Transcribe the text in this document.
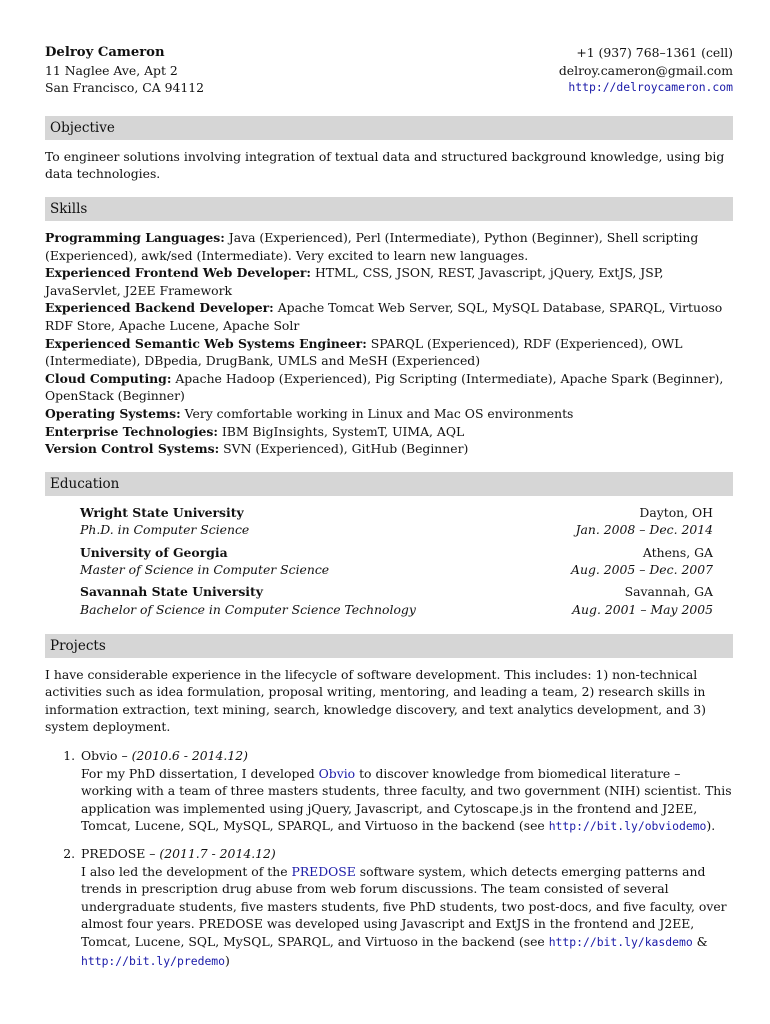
Delroy Cameron
11 Naglee Ave, Apt 2
San Francisco, CA 94112
+1 (937) 768–1361 (cell)
delroy.cameron@gmail.com
http://delroycameron.com
Objective

To engineer solutions involving integration of textual data and structured background knowledge, using big data technologies.

Skills

Programming Languages: Java (Experienced), Perl (Intermediate), Python (Beginner), Shell scripting (Experienced), awk/sed (Intermediate). Very excited to learn new languages.

Experienced Frontend Web Developer: HTML, CSS, JSON, REST, Javascript, jQuery, ExtJS, JSP, JavaServlet, J2EE Framework

Experienced Backend Developer: Apache Tomcat Web Server, SQL, MySQL Database, SPARQL, Virtuoso RDF Store, Apache Lucene, Apache Solr

Experienced Semantic Web Systems Engineer: SPARQL (Experienced), RDF (Experienced), OWL (Intermediate), DBpedia, DrugBank, UMLS and MeSH (Experienced)

Cloud Computing: Apache Hadoop (Experienced), Pig Scripting (Intermediate), Apache Spark (Beginner), OpenStack (Beginner)

Operating Systems: Very comfortable working in Linux and Mac OS environments

Enterprise Technologies: IBM BigInsights, SystemT, UIMA, AQL

Version Control Systems: SVN (Experienced), GitHub (Beginner)

Education
Wright State University	Dayton, OH
Ph.D. in Computer Science	Jan. 2008 – Dec. 2014
University of Georgia	Athens, GA
Master of Science in Computer Science	Aug. 2005 – Dec. 2007
Savannah State University	Savannah, GA
Bachelor of Science in Computer Science Technology	Aug. 2001 – May 2005
Projects

I have considerable experience in the lifecycle of software development. This includes: 1) non-technical activities such as idea formulation, proposal writing, mentoring, and leading a team, 2) research skills in information extraction, text mining, search, knowledge discovery, and text analytics development, and 3) system deployment.

1. Obvio – (2010.6 - 2014.12)
For my PhD dissertation, I developed Obvio to discover knowledge from biomedical literature – working with a team of three masters students, three faculty, and two government (NIH) scientist. This application was implemented using jQuery, Javascript, and Cytoscape.js in the frontend and J2EE, Tomcat, Lucene, SQL, MySQL, SPARQL, and Virtuoso in the backend (see http://bit.ly/obviodemo).
2. PREDOSE – (2011.7 - 2014.12)
I also led the development of the PREDOSE software system, which detects emerging patterns and trends in prescription drug abuse from web forum discussions. The team consisted of several undergraduate students, five masters students, five PhD students, two post-docs, and five faculty, over almost four years. PREDOSE was developed using Javascript and ExtJS in the frontend and J2EE, Tomcat, Lucene, SQL, MySQL, SPARQL, and Virtuoso in the backend (see http://bit.ly/kasdemo & http://bit.ly/predemo)
